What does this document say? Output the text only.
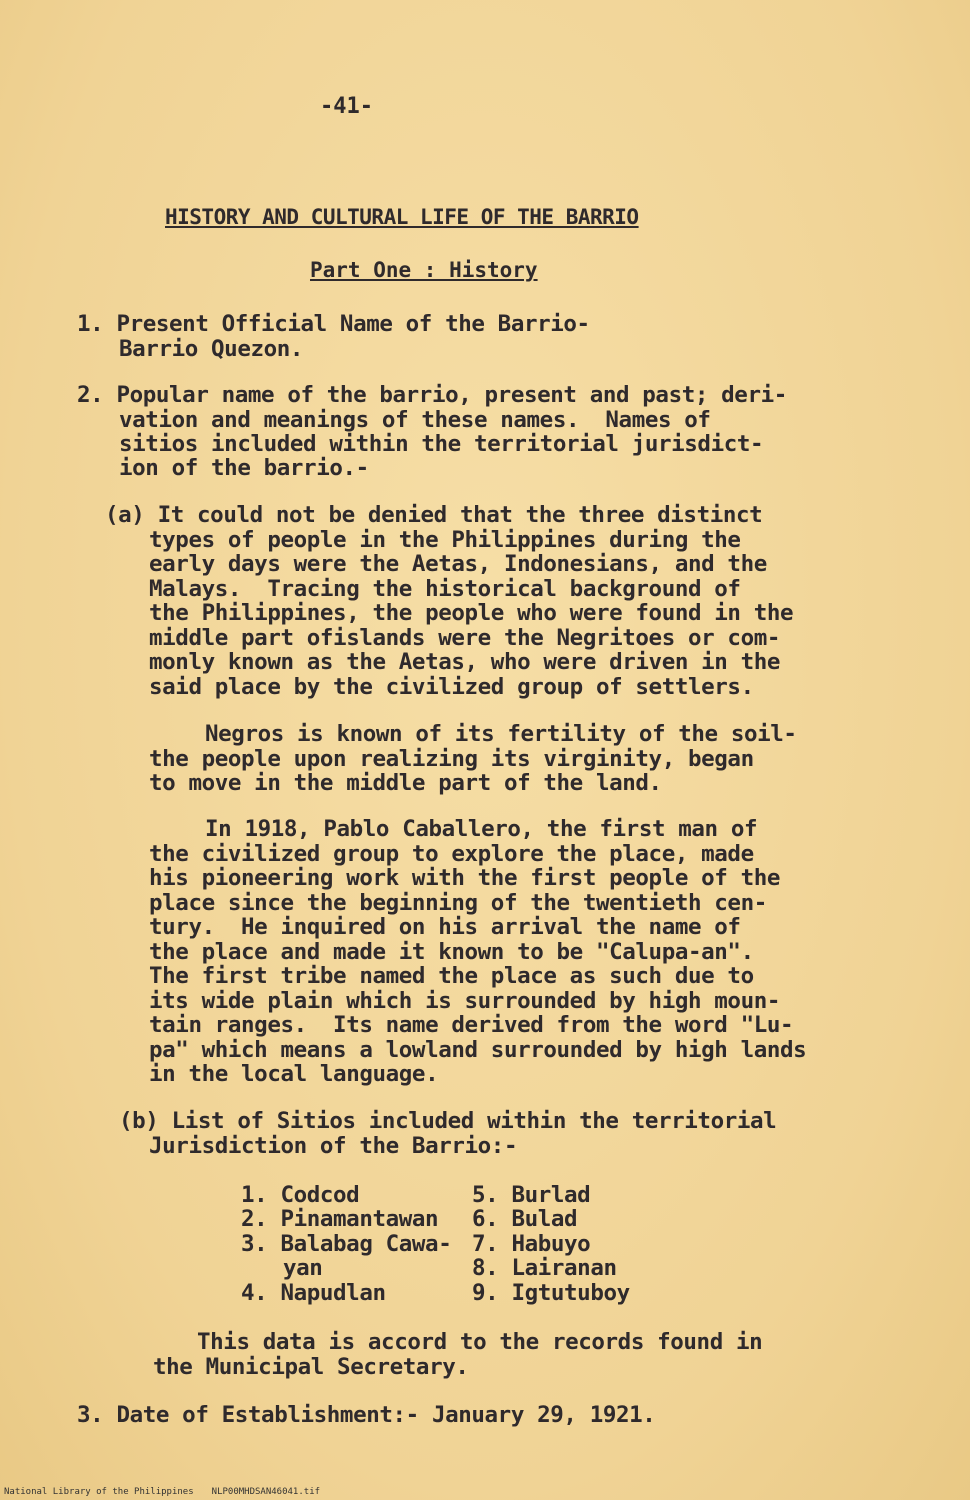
-41-
HISTORY AND CULTURAL LIFE OF THE BARRIO
Part One : History
1. Present Official Name of the Barrio-
Barrio Quezon.
2. Popular name of the barrio, present and past; deri-
vation and meanings of these names.  Names of
sitios included within the territorial jurisdict-
ion of the barrio.-
(a) It could not be denied that the three distinct
types of people in the Philippines during the
early days were the Aetas, Indonesians, and the
Malays.  Tracing the historical background of
the Philippines, the people who were found in the
middle part ofislands were the Negritoes or com-
monly known as the Aetas, who were driven in the
said place by the civilized group of settlers.
Negros is known of its fertility of the soil-
the people upon realizing its virginity, began
to move in the middle part of the land.
In 1918, Pablo Caballero, the first man of
the civilized group to explore the place, made
his pioneering work with the first people of the
place since the beginning of the twentieth cen-
tury.  He inquired on his arrival the name of
the place and made it known to be "Calupa-an".
The first tribe named the place as such due to
its wide plain which is surrounded by high moun-
tain ranges.  Its name derived from the word "Lu-
pa" which means a lowland surrounded by high lands
in the local language.
(b) List of Sitios included within the territorial
Jurisdiction of the Barrio:-
1. Codcod
2. Pinamantawan
3. Balabag Cawa-
yan
4. Napudlan
5. Burlad
6. Bulad
7. Habuyo
8. Lairanan
9. Igtutuboy
This data is accord to the records found in
the Municipal Secretary.
3. Date of Establishment:- January 29, 1921.
National Library of the Philippines NLP00MHDSAN46041.tif
